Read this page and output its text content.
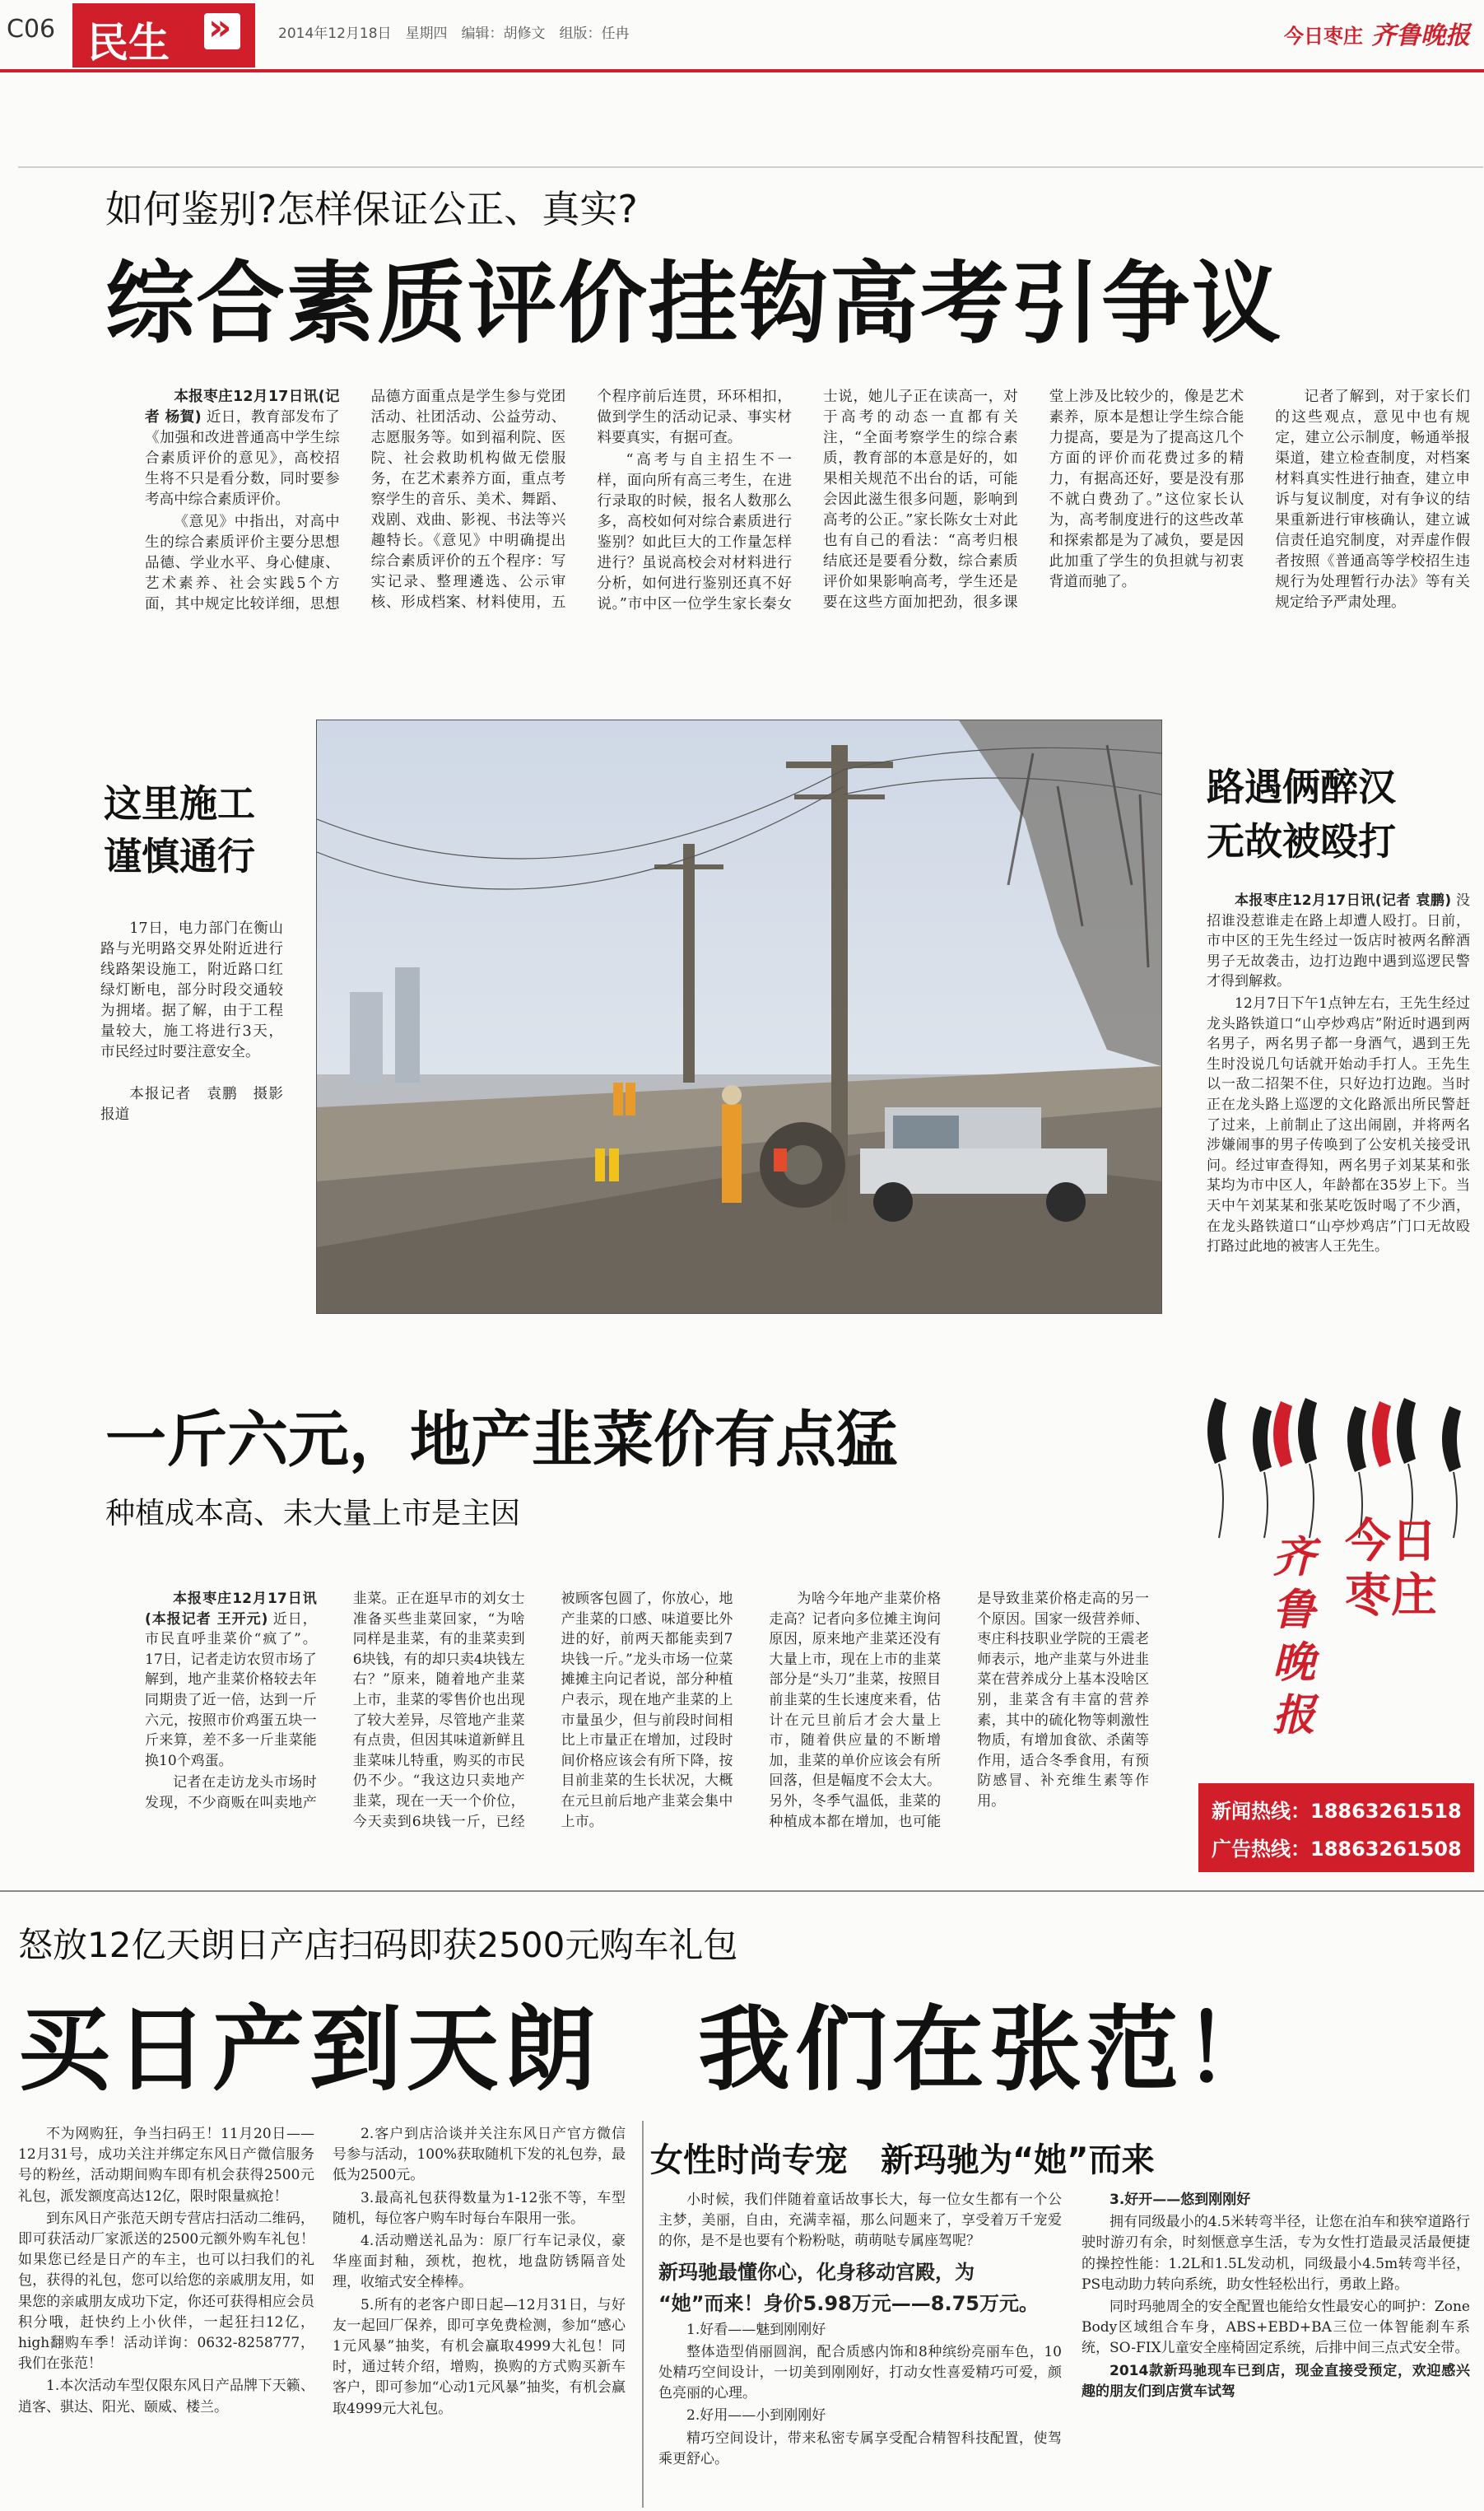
C06 民生 »	2014年12月18日　星期四　编辑：胡修文　组版：任冉	今日枣庄 齐鲁晚报
如何鉴别?怎样保证公正、真实?
综合素质评价挂钩高考引争议

本报枣庄12月17日讯(记者 杨賀) 近日，教育部发布了《加强和改进普通高中学生综合素质评价的意见》，高校招生将不只是看分数，同时要参考高中综合素质评价。

《意见》中指出，对高中生的综合素质评价主要分思想品德、学业水平、身心健康、艺术素养、社会实践5个方面，其中规定比较详细，思想品德方面重点是学生参与党团活动、社团活动、公益劳动、志愿服务等。如到福利院、医院、社会救助机构做无偿服务，在艺术素养方面，重点考察学生的音乐、美术、舞蹈、戏剧、戏曲、影视、书法等兴趣特长。《意见》中明确提出综合素质评价的五个程序：写实记录、整理遴选、公示审核、形成档案、材料使用，五个程序前后连贯，环环相扣，做到学生的活动记录、事实材料要真实，有据可查。

“高考与自主招生不一样，面向所有高三考生，在进行录取的时候，报名人数那么多，高校如何对综合素质进行鉴别？如此巨大的工作量怎样进行？虽说高校会对材料进行分析，如何进行鉴别还真不好说。”市中区一位学生家长秦女士说，她儿子正在读高一，对于高考的动态一直都有关注，“全面考察学生的综合素质，教育部的本意是好的，如果相关规范不出台的话，可能会因此滋生很多问题，影响到高考的公正。”家长陈女士对此也有自己的看法：“高考归根结底还是要看分数，综合素质评价如果影响高考，学生还是要在这些方面加把劲，很多课堂上涉及比较少的，像是艺术素养，原本是想让学生综合能力提高，要是为了提高这几个方面的评价而花费过多的精力，有据高还好，要是没有那不就白费劲了。”这位家长认为，高考制度进行的这些改革和探索都是为了减负，要是因此加重了学生的负担就与初衷背道而驰了。

记者了解到，对于家长们的这些观点，意见中也有规定，建立公示制度，畅通举报渠道，建立检查制度，对档案材料真实性进行抽查，建立申诉与复议制度，对有争议的结果重新进行审核确认，建立诚信责任追究制度，对弄虚作假者按照《普通高等学校招生违规行为处理暂行办法》等有关规定给予严肃处理。

这里施工
谨慎通行

17日，电力部门在衡山路与光明路交界处附近进行线路架设施工，附近路口红绿灯断电，部分时段交通较为拥堵。据了解，由于工程量较大，施工将进行3天，市民经过时要注意安全。

本报记者　袁鹏　摄影报道

路遇俩醉汉
无故被殴打

本报枣庄12月17日讯(记者 袁鹏) 没招谁没惹谁走在路上却遭人殴打。日前，市中区的王先生经过一饭店时被两名醉酒男子无故袭击，边打边跑中遇到巡逻民警才得到解救。

12月7日下午1点钟左右，王先生经过龙头路铁道口“山亭炒鸡店”附近时遇到两名男子，两名男子都一身酒气，遇到王先生时没说几句话就开始动手打人。王先生以一敌二招架不住，只好边打边跑。当时正在龙头路上巡逻的文化路派出所民警赶了过来，上前制止了这出闹剧，并将两名涉嫌闹事的男子传唤到了公安机关接受讯问。经过审查得知，两名男子刘某某和张某均为市中区人，年龄都在35岁上下。当天中午刘某某和张某吃饭时喝了不少酒，在龙头路铁道口“山亭炒鸡店”门口无故殴打路过此地的被害人王先生。

一斤六元，地产韭菜价有点猛
种植成本高、未大量上市是主因

本报枣庄12月17日讯(本报记者 王开元) 近日，市民直呼韭菜价“疯了”。17日，记者走访农贸市场了解到，地产韭菜价格较去年同期贵了近一倍，达到一斤六元，按照市价鸡蛋五块一斤来算，差不多一斤韭菜能换10个鸡蛋。

记者在走访龙头市场时发现，不少商贩在叫卖地产韭菜。正在逛早市的刘女士准备买些韭菜回家，“为啥同样是韭菜，有的韭菜卖到6块钱，有的却只卖4块钱左右？”原来，随着地产韭菜上市，韭菜的零售价也出现了较大差异，尽管地产韭菜有点贵，但因其味道新鲜且韭菜味儿特重，购买的市民仍不少。“我这边只卖地产韭菜，现在一天一个价位，今天卖到6块钱一斤，已经被顾客包圆了，你放心，地产韭菜的口感、味道要比外进的好，前两天都能卖到7块钱一斤。”龙头市场一位菜摊摊主向记者说，部分种植户表示，现在地产韭菜的上市量虽少，但与前段时间相比上市量正在增加，过段时间价格应该会有所下降，按目前韭菜的生长状况，大概在元旦前后地产韭菜会集中上市。

为啥今年地产韭菜价格走高？记者向多位摊主询问原因，原来地产韭菜还没有大量上市，现在上市的韭菜部分是“头刀”韭菜，按照目前韭菜的生长速度来看，估计在元旦前后才会大量上市，随着供应量的不断增加，韭菜的单价应该会有所回落，但是幅度不会太大。另外，冬季气温低，韭菜的种植成本都在增加，也可能是导致韭菜价格走高的另一个原因。国家一级营养师、枣庄科技职业学院的王震老师表示，地产韭菜与外进韭菜在营养成分上基本没啥区别，韭菜含有丰富的营养素，其中的硫化物等刺激性物质，有增加食欲、杀菌等作用，适合冬季食用，有预防感冒、补充维生素等作用。

齐鲁晚报
今日枣庄
新闻热线：18863261518
广告热线：18863261508
怒放12亿天朗日产店扫码即获2500元购车礼包
买日产到天朗　我们在张范！

不为网购狂，争当扫码王！11月20日——12月31号，成功关注并绑定东风日产微信服务号的粉丝，活动期间购车即有机会获得2500元礼包，派发额度高达12亿，限时限量疯抢！

到东风日产张范天朗专营店扫活动二维码，即可获活动厂家派送的2500元额外购车礼包！如果您已经是日产的车主，也可以扫我们的礼包，获得的礼包，您可以给您的亲戚朋友用，如果您的亲戚朋友成功下定，你还可获得相应会员积分哦，赶快约上小伙伴，一起狂扫12亿，high翻购车季！活动详询：0632-8258777，我们在张范！

1.本次活动车型仅限东风日产品牌下天籁、逍客、骐达、阳光、颐威、楼兰。

2.客户到店洽谈并关注东风日产官方微信号参与活动，100%获取随机下发的礼包券，最低为2500元。

3.最高礼包获得数量为1-12张不等，车型随机，每位客户购车时每台车限用一张。

4.活动赠送礼品为：原厂行车记录仪，豪华座面封釉，颈枕，抱枕，地盘防锈隔音处理，收缩式安全棒棒。

5.所有的老客户即日起—12月31日，与好友一起回厂保养，即可享免费检测，参加“感心1元风暴”抽奖，有机会赢取4999大礼包！同时，通过转介绍，增购，换购的方式购买新车客户，即可参加“心动1元风暴”抽奖，有机会赢取4999元大礼包。

女性时尚专宠　新玛驰为“她”而来

小时候，我们伴随着童话故事长大，每一位女生都有一个公主梦，美丽，自由，充满幸福，那么问题来了，享受着万千宠爱的你，是不是也要有个粉粉哒，萌萌哒专属座驾呢？

新玛驰最懂你心，化身移动宫殿，为

“她”而来！身价5.98万元——8.75万元。

1.好看——魅到刚刚好

整体造型俏丽圆润，配合质感内饰和8种缤纷亮丽车色，10处精巧空间设计，一切美到刚刚好，打动女性喜爱精巧可爱，颜色亮丽的心理。

2.好用——小到刚刚好

精巧空间设计，带来私密专属享受配合精智科技配置，使驾乘更舒心。

3.好开——悠到刚刚好

拥有同级最小的4.5米转弯半径，让您在泊车和狭窄道路行驶时游刃有余，时刻惬意享生活，专为女性打造最灵活最便捷的操控性能：1.2L和1.5L发动机，同级最小4.5m转弯半径，PS电动助力转向系统，助女性轻松出行，勇敢上路。

同时玛驰周全的安全配置也能给女性最安心的呵护：Zone Body区域组合车身，ABS+EBD+BA三位一体智能刹车系统，SO-FIX儿童安全座椅固定系统，后排中间三点式安全带。

2014款新玛驰现车已到店，现金直接受预定，欢迎感兴趣的朋友们到店赏车试驾
